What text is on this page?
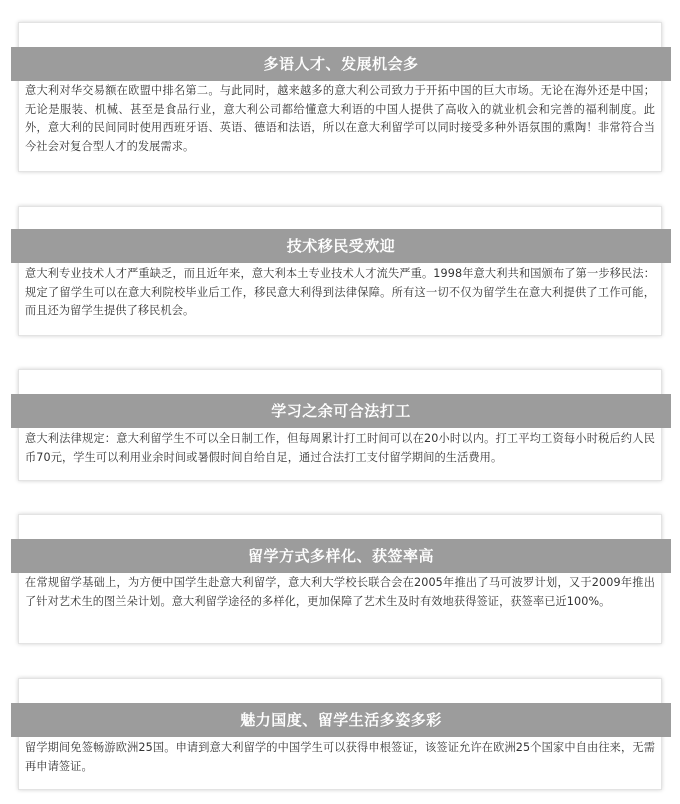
多语人才、发展机会多
意大利对华交易额在欧盟中排名第二。与此同时，越来越多的意大利公司致力于开拓中国的巨大市场。无论在海外还是中国；无论是服装、机械、甚至是食品行业，意大利公司都给懂意大利语的中国人提供了高收入的就业机会和完善的福利制度。此外，意大利的民间同时使用西班牙语、英语、德语和法语，所以在意大利留学可以同时接受多种外语氛围的熏陶！非常符合当今社会对复合型人才的发展需求。
技术移民受欢迎
意大利专业技术人才严重缺乏，而且近年来，意大利本土专业技术人才流失严重。1998年意大利共和国颁布了第一步移民法：规定了留学生可以在意大利院校毕业后工作，移民意大利得到法律保障。所有这一切不仅为留学生在意大利提供了工作可能，而且还为留学生提供了移民机会。
学习之余可合法打工
意大利法律规定：意大利留学生不可以全日制工作，但每周累计打工时间可以在20小时以内。打工平均工资每小时税后约人民币70元，学生可以利用业余时间或暑假时间自给自足，通过合法打工支付留学期间的生活费用。
留学方式多样化、获签率高
在常规留学基础上，为方便中国学生赴意大利留学，意大利大学校长联合会在2005年推出了马可波罗计划，又于2009年推出了针对艺术生的图兰朵计划。意大利留学途径的多样化，更加保障了艺术生及时有效地获得签证，获签率已近100%。
魅力国度、留学生活多姿多彩
留学期间免签畅游欧洲25国。申请到意大利留学的中国学生可以获得申根签证，该签证允许在欧洲25个国家中自由往来，无需再申请签证。
